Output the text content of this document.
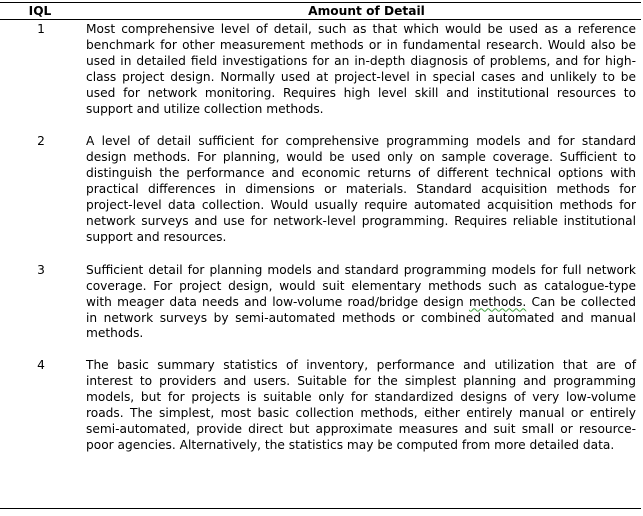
IQL	Amount of Detail
1	Most comprehensive level of detail, such as that which would be used as a reference benchmark for other measurement methods or in fundamental research. Would also be used in detailed field investigations for an in-depth diagnosis of problems, and for high-class project design. Normally used at project-level in special cases and unlikely to be used for network monitoring. Requires high level skill and institutional resources to support and utilize collection methods.
2	A level of detail sufficient for comprehensive programming models and for standard design methods. For planning, would be used only on sample coverage. Sufficient to distinguish the performance and economic returns of different technical options with practical differences in dimensions or materials. Standard acquisition methods for project-level data collection. Would usually require automated acquisition methods for network surveys and use for network-level programming. Requires reliable institutional support and resources.
3	Sufficient detail for planning models and standard programming models for full network coverage. For project design, would suit elementary methods such as catalogue-type with meager data needs and low-volume road/bridge design methods. Can be collected in network surveys by semi-automated methods or combined automated and manual methods.
4	The basic summary statistics of inventory, performance and utilization that are of interest to providers and users. Suitable for the simplest planning and programming models, but for projects is suitable only for standardized designs of very low-volume roads. The simplest, most basic collection methods, either entirely manual or entirely semi-automated, provide direct but approximate measures and suit small or resource-poor agencies. Alternatively, the statistics may be computed from more detailed data.
